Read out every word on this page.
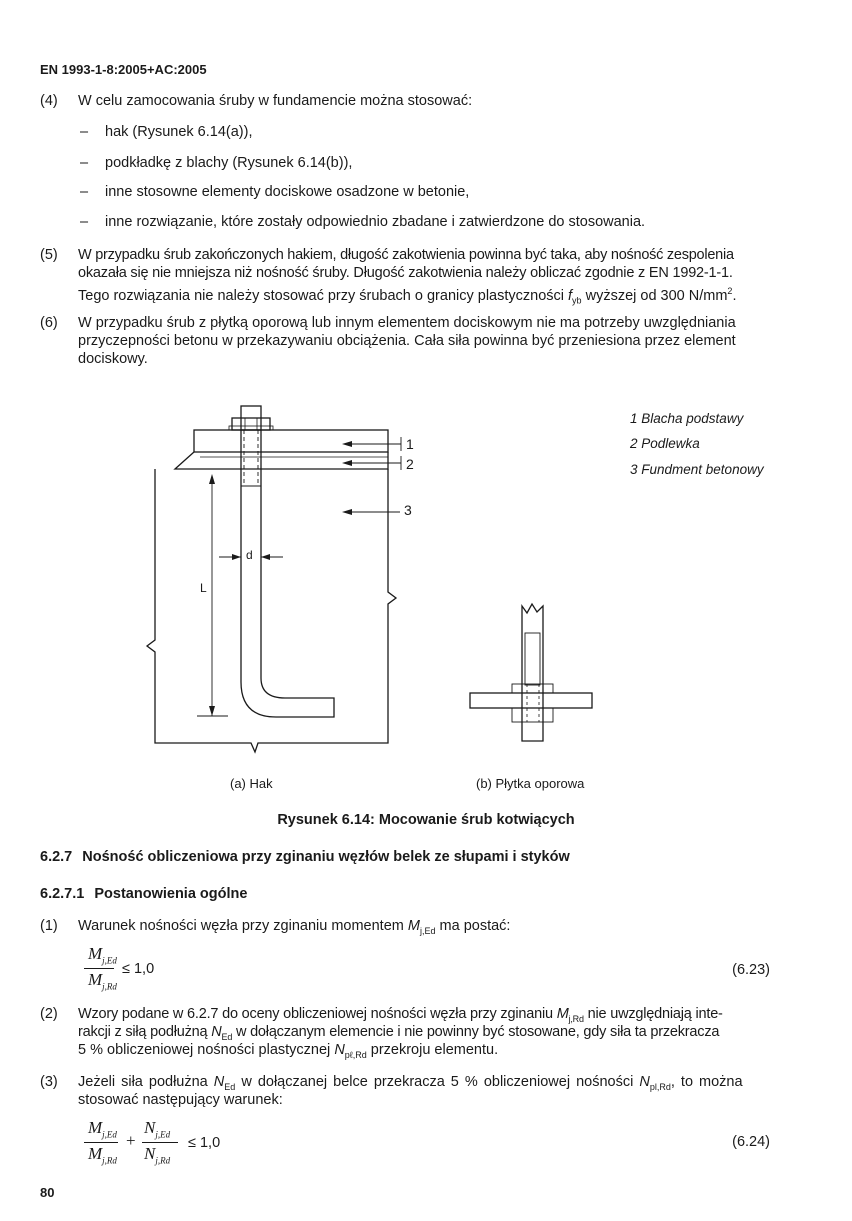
EN 1993-1-8:2005+AC:2005
(4) W celu zamocowania śruby w fundamencie można stosować:
– hak (Rysunek 6.14(a)),
– podkładkę z blachy (Rysunek 6.14(b)),
– inne stosowne elementy dociskowe osadzone w betonie,
– inne rozwiązanie, które zostały odpowiednio zbadane i zatwierdzone do stosowania.
(5) W przypadku śrub zakończonych hakiem, długość zakotwienia powinna być taka, aby nośność zespolenia
okazała się nie mniejsza niż nośność śruby. Długość zakotwienia należy obliczać zgodnie z EN 1992-1-1.
Tego rozwiązania nie należy stosować przy śrubach o granicy plastyczności $f_{yb}$ wyższej od 300 $N/mm^2$.
(6) W przypadku śrub z płytką oporową lub innym elementem dociskowym nie ma potrzeby uwzględniania
przyczepności betonu w przekazywaniu obciążenia. Cała siła powinna być przeniesiona przez element
dociskowy.
1
2
3
d
L
1 Blacha podstawy
2 Podlewka
3 Fundment betonowy
(a) Hak	(b) Płytka oporowa
Rysunek 6.14: Mocowanie śrub kotwiących
6.2.7 Nośność obliczeniowa przy zginaniu węzłów belek ze słupami i styków
6.2.7.1 Postanowienia ogólne
(1) Warunek nośności węzła przy zginaniu momentem $M_{j,Ed}$ ma postać:
$M_{j,Ed}$
$M_{j,Rd}$
≤ 1,0	(6.23)
(2) Wzory podane w 6.2.7 do oceny obliczeniowej nośności węzła przy zginaniu $M_{j,Rd}$ nie uwzględniają inte-
rakcji z siłą podłużną $N_{Ed}$ w dołączanym elemencie i nie powinny być stosowane, gdy siła ta przekracza
5 % obliczeniowej nośności plastycznej $N_{p\ell,Rd}$ przekroju elementu.
(3) Jeżeli siła podłużna $N_{Ed}$ w dołączanej belce przekracza 5 % obliczeniowej nośności $N_{pl,Rd}$, to można
stosować następujący warunek:
$M_{j,Ed}$
$M_{j,Rd}$
+
$N_{j,Ed}$
$N_{j,Rd}$
≤ 1,0	(6.24)
80
